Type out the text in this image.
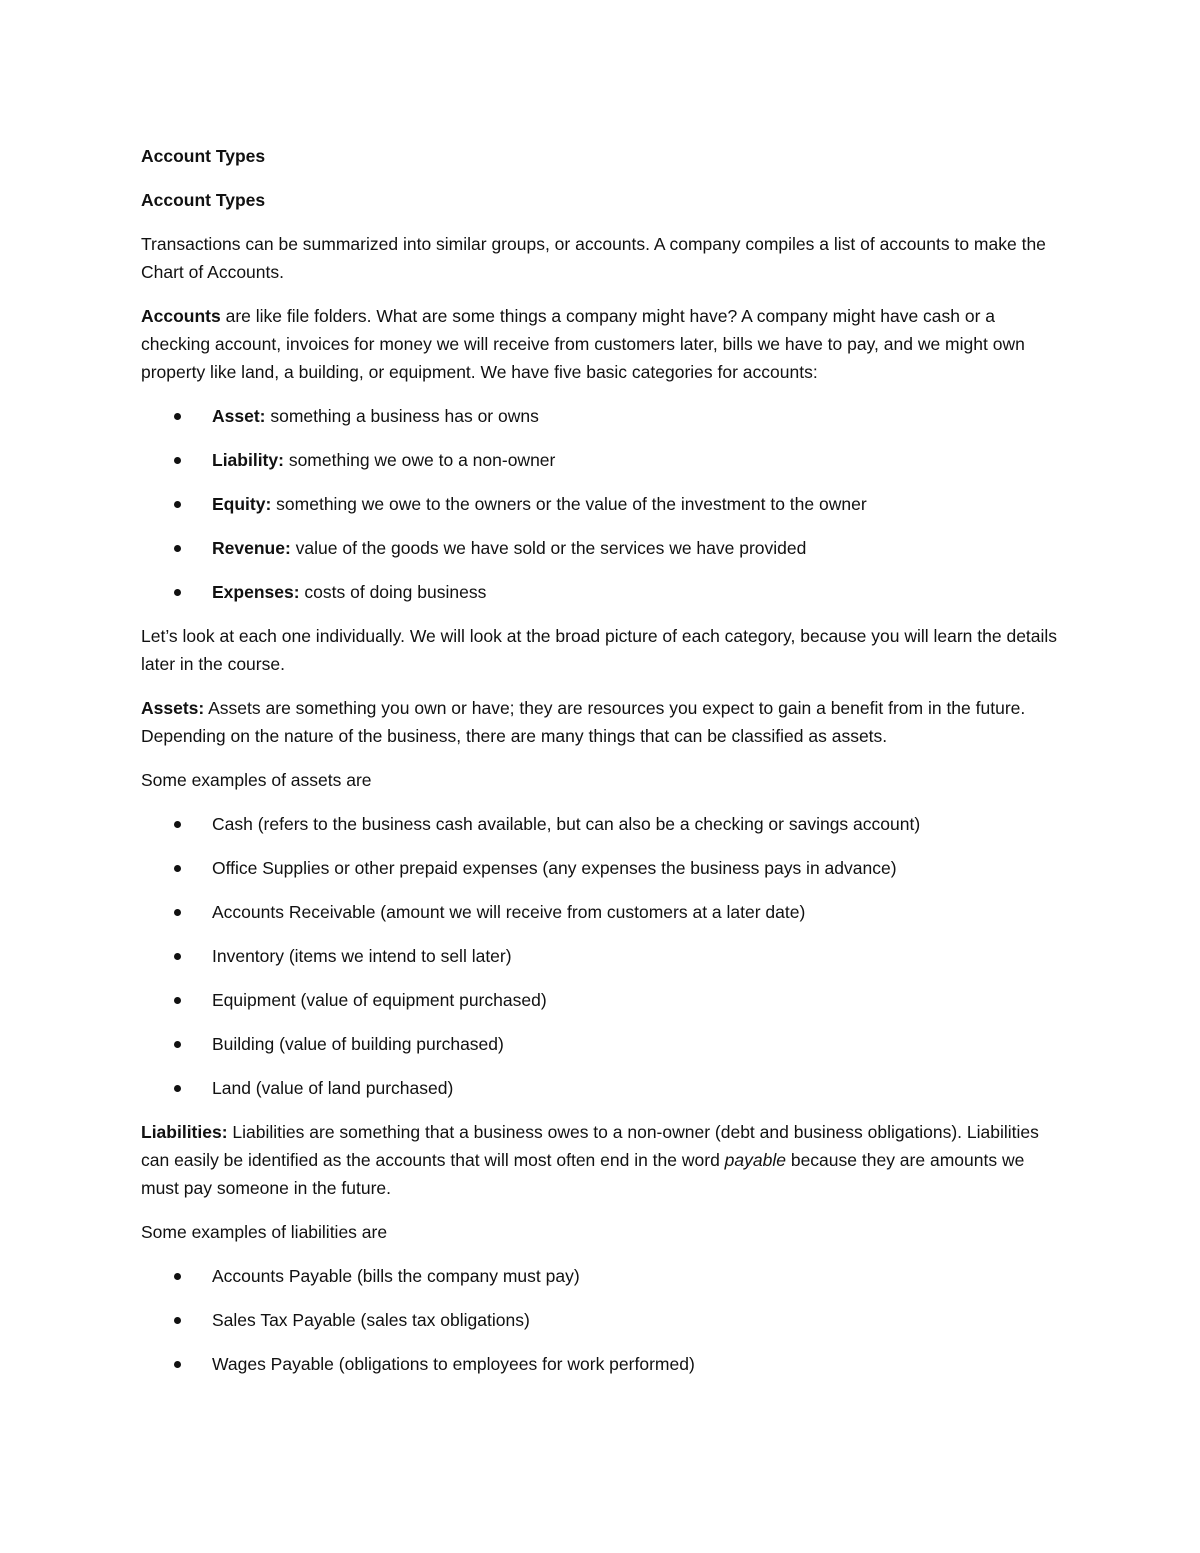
Account Types
Account Types

Transactions can be summarized into similar groups, or accounts. A company compiles a list of accounts to make the Chart of Accounts.

Accounts are like file folders. What are some things a company might have? A company might have cash or a checking account, invoices for money we will receive from customers later, bills we have to pay, and we might own property like land, a building, or equipment. We have five basic categories for accounts:

Asset: something a business has or owns
Liability: something we owe to a non-owner
Equity: something we owe to the owners or the value of the investment to the owner
Revenue: value of the goods we have sold or the services we have provided
Expenses: costs of doing business

Let’s look at each one individually. We will look at the broad picture of each category, because you will learn the details later in the course.

Assets: Assets are something you own or have; they are resources you expect to gain a benefit from in the future. Depending on the nature of the business, there are many things that can be classified as assets.

Some examples of assets are

Cash (refers to the business cash available, but can also be a checking or savings account)
Office Supplies or other prepaid expenses (any expenses the business pays in advance)
Accounts Receivable (amount we will receive from customers at a later date)
Inventory (items we intend to sell later)
Equipment (value of equipment purchased)
Building (value of building purchased)
Land (value of land purchased)

Liabilities: Liabilities are something that a business owes to a non-owner (debt and business obligations). Liabilities can easily be identified as the accounts that will most often end in the word payable because they are amounts we must pay someone in the future.

Some examples of liabilities are

Accounts Payable (bills the company must pay)
Sales Tax Payable (sales tax obligations)
Wages Payable (obligations to employees for work performed)
